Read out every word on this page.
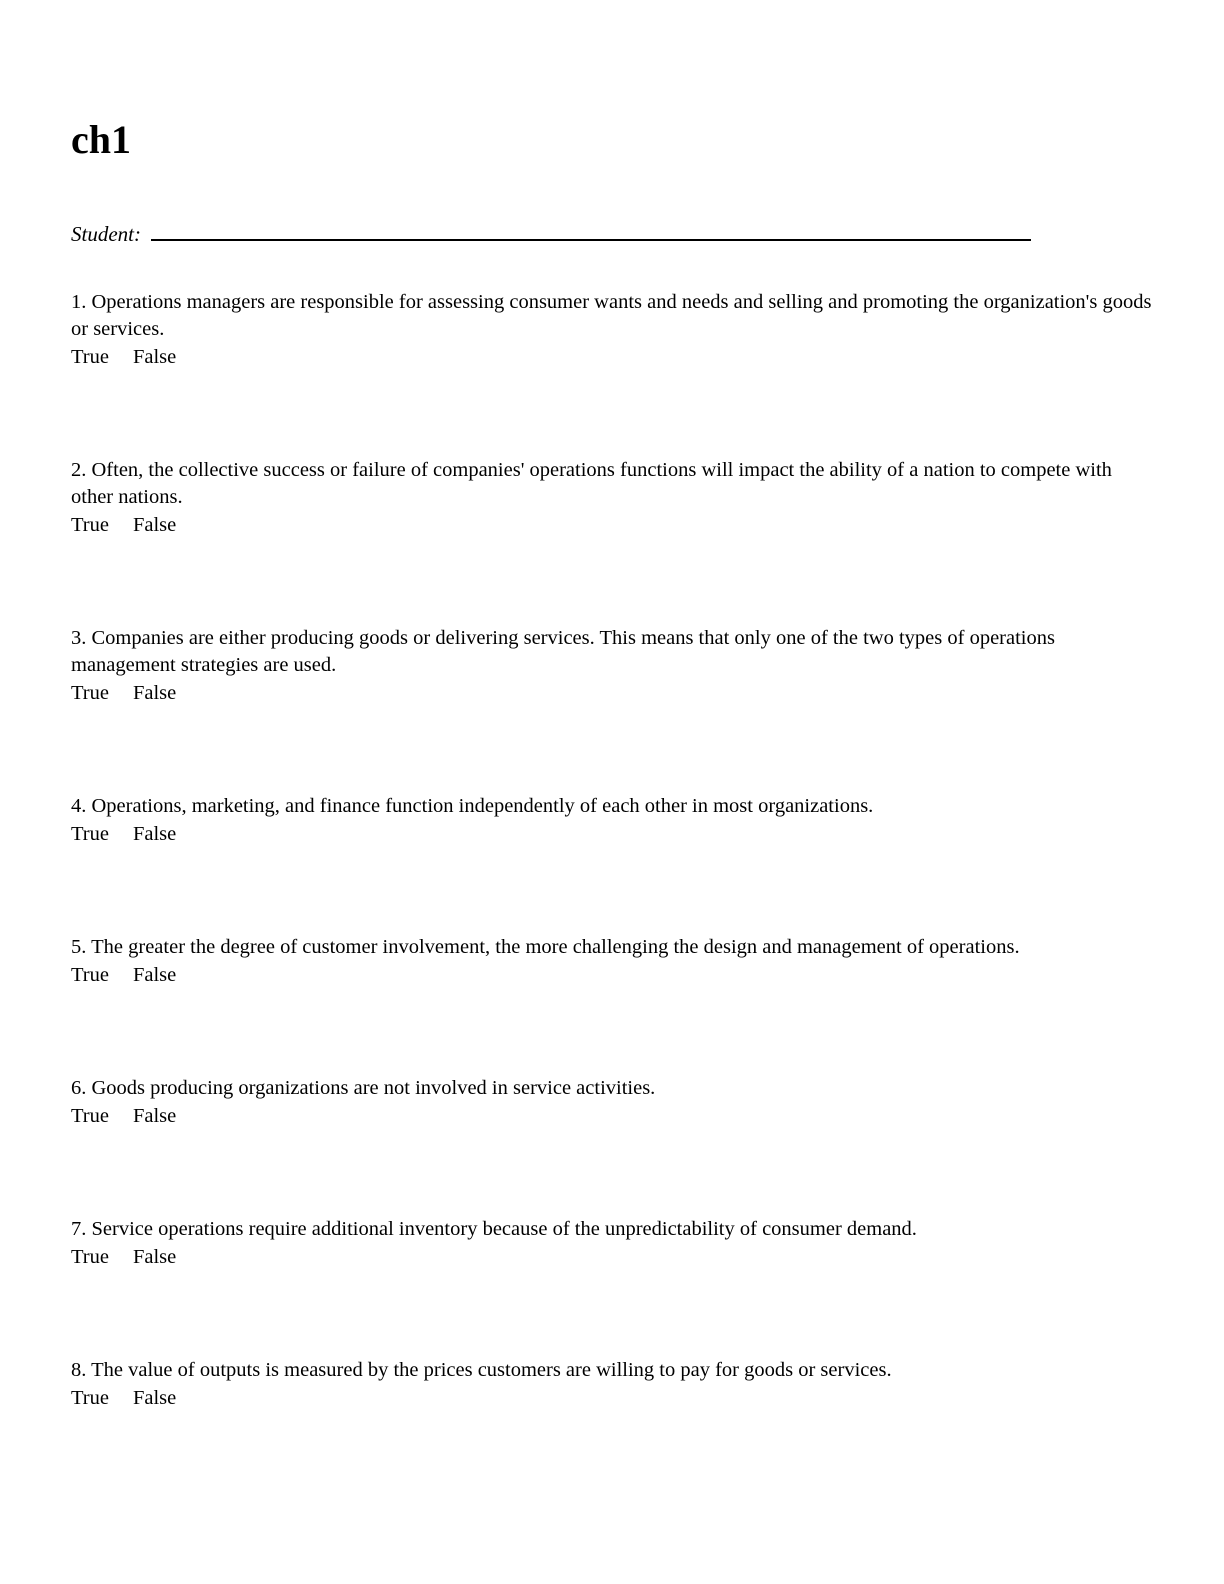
ch1
Student:

1. Operations managers are responsible for assessing consumer wants and needs and selling and promoting the organization's goods or services.

True False

2. Often, the collective success or failure of companies' operations functions will impact the ability of a nation to compete with other nations.

True False

3. Companies are either producing goods or delivering services. This means that only one of the two types of operations management strategies are used.

True False

4. Operations, marketing, and finance function independently of each other in most organizations.

True False

5. The greater the degree of customer involvement, the more challenging the design and management of operations.

True False

6. Goods producing organizations are not involved in service activities.

True False

7. Service operations require additional inventory because of the unpredictability of consumer demand.

True False

8. The value of outputs is measured by the prices customers are willing to pay for goods or services.

True False
